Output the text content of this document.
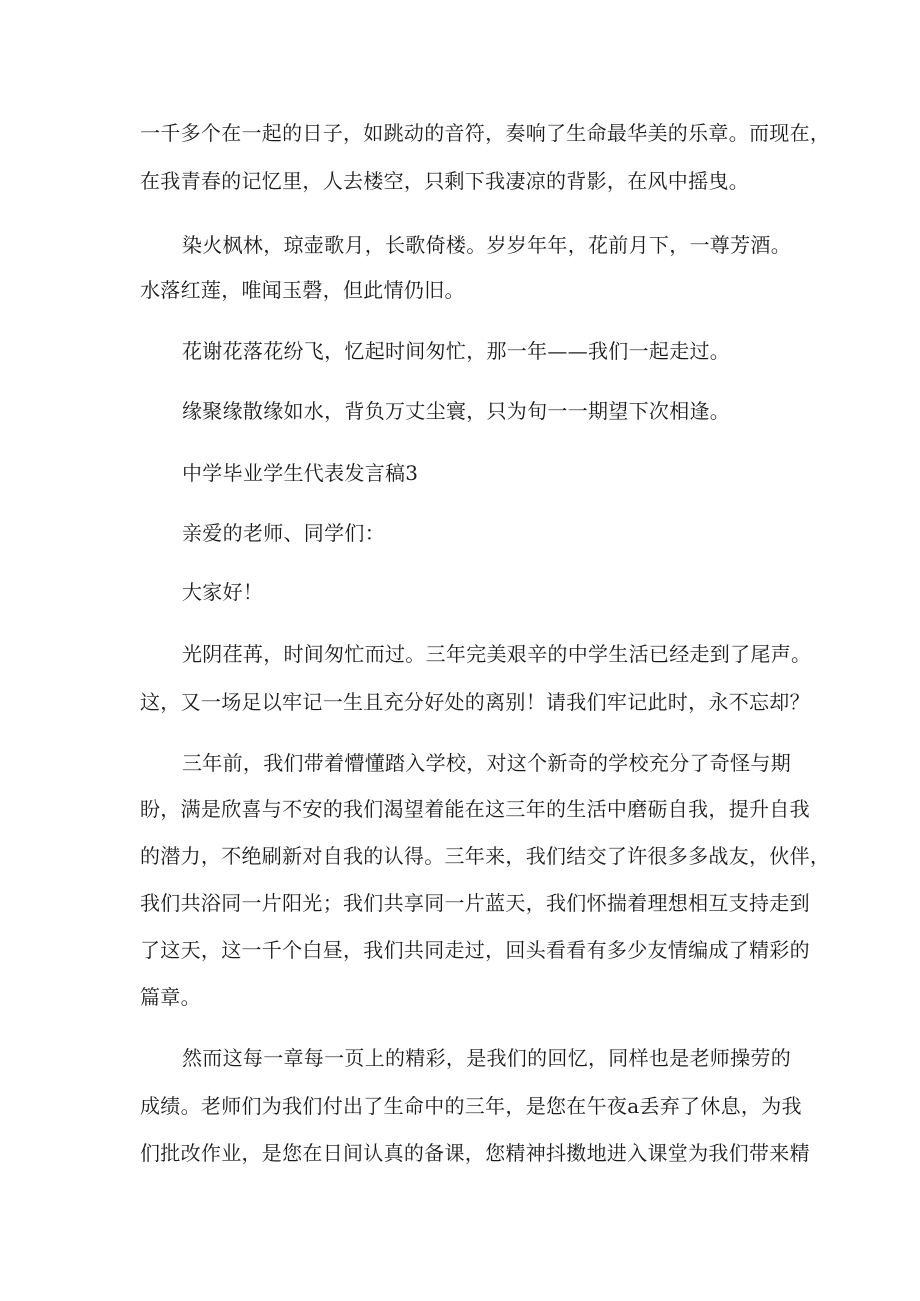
一千多个在一起的日子，如跳动的音符，奏响了生命最华美的乐章。而现在，
在我青春的记忆里，人去楼空，只剩下我凄凉的背影，在风中摇曳。
染火枫林，琼壶歌月，长歌倚楼。岁岁年年，花前月下，一尊芳酒。
水落红莲，唯闻玉磬，但此情仍旧。
花谢花落花纷飞，忆起时间匆忙，那一年——我们一起走过。
缘聚缘散缘如水，背负万丈尘寰，只为旬一一期望下次相逢。
中学毕业学生代表发言稿3
亲爱的老师、同学们：
大家好！
光阴荏苒，时间匆忙而过。三年完美艰辛的中学生活已经走到了尾声。
这，又一场足以牢记一生且充分好处的离别！请我们牢记此时，永不忘却？
三年前，我们带着懵懂踏入学校，对这个新奇的学校充分了奇怪与期
盼，满是欣喜与不安的我们渴望着能在这三年的生活中磨砺自我，提升自我
的潜力，不绝刷新对自我的认得。三年来，我们结交了许很多多战友，伙伴，
我们共浴同一片阳光；我们共享同一片蓝天，我们怀揣着理想相互支持走到
了这天，这一千个白昼，我们共同走过，回头看看有多少友情编成了精彩的
篇章。
然而这每一章每一页上的精彩，是我们的回忆，同样也是老师操劳的
成绩。老师们为我们付出了生命中的三年，是您在午夜a丢弃了休息，为我
们批改作业，是您在日间认真的备课，您精神抖擞地进入课堂为我们带来精
